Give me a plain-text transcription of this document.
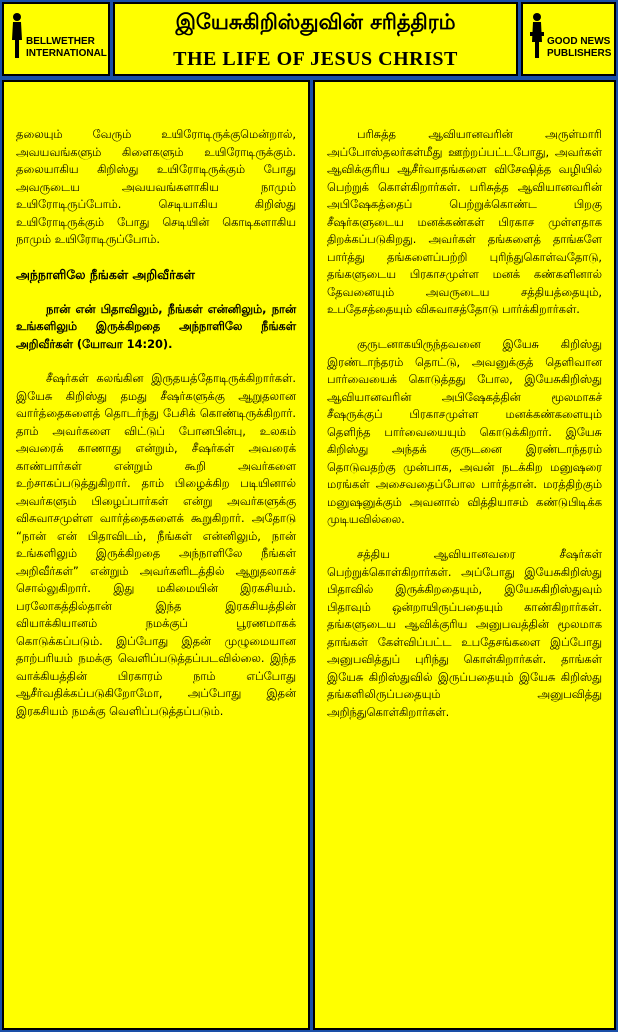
BELLWETHER
INTERNATIONAL
இயேசுகிறிஸ்துவின் சரித்திரம்
THE LIFE OF JESUS CHRIST
GOOD NEWS
PUBLISHERS

தலையும் வேரும் உயிரோடிருக்குமென்றால், அவயவங்களும் கிளைகளும் உயிரோடிருக்கும். தலையாகிய கிறிஸ்து உயிரோடிருக்கும் போது அவருடைய அவயவங்களாகிய நாமும் உயிரோடிருப்போம். செடியாகிய கிறிஸ்து உயிரோடிருக்கும் போது செடியின் கொடிகளாகிய நாமும் உயிரோடிருப்போம்.

அந்நாளிலே நீங்கள் அறிவீர்கள்

நான் என் பிதாவிலும், நீங்கள் என்னிலும், நான் உங்களிலும் இருக்கிறதை அந்நாளிலே நீங்கள் அறிவீர்கள் (யோவா 14:20).

சீஷர்கள் கலங்கின இருதயத்தோடிருக்கிறார்கள். இயேசு கிறிஸ்து தமது சீஷர்களுக்கு ஆறுதலான வார்த்தைகளைத் தொடர்ந்து பேசிக் கொண்டிருக்கிறார். தாம் அவர்களை விட்டுப் போனபின்பு, உலகம் அவரைக் காணாது என்றும், சீஷர்கள் அவரைக் காண்பார்கள் என்றும் கூறி அவர்களை உற்சாகப்படுத்துகிறார். தாம் பிழைக்கிற படியினால் அவர்களும் பிழைப்பார்கள் என்று அவர்களுக்கு விசுவாசமுள்ள வார்த்தைகளைக் கூறுகிறார். அதோடு “நான் என் பிதாவிடம், நீங்கள் என்னிலும், நான் உங்களிலும் இருக்கிறதை அந்நாளிலே நீங்கள் அறிவீர்கள்” என்றும் அவர்களிடத்தில் ஆறுதலாகச் சொல்லுகிறார். இது மகிமையின் இரகசியம். பரலோகத்தில்தான் இந்த இரகசியத்தின் வியாக்கியானம் நமக்குப் பூரணமாகக் கொடுக்கப்படும். இப்போது இதன் முழுமையான தாற்பரியம் நமக்கு வெளிப்படுத்தப்படவில்லை. இந்த வாக்கியத்தின் பிரகாரம் நாம் எப்போது ஆசீர்வதிக்கப்படுகிறோமோ, அப்போது இதன் இரகசியம் நமக்கு வெளிப்படுத்தப்படும்.

பரிசுத்த ஆவியானவரின் அருள்மாரி அப்போஸ்தலர்கள்மீது ஊற்றப்பட்டபோது, அவர்கள் ஆவிக்குரிய ஆசீர்வாதங்களை விசேஷித்த வழியில் பெற்றுக் கொள்கிறார்கள். பரிசுத்த ஆவியானவரின் அபிஷேகத்தைப் பெற்றுக்கொண்ட பிறகு சீஷர்களுடைய மனக்கண்கள் பிரகாச முள்ளதாக திறக்கப்படுகிறது. அவர்கள் தங்களைத் தாங்களே பார்த்து தங்களைப்பற்றி புரிந்துகொள்வதோடு, தங்களுடைய பிரகாசமுள்ள மனக் கண்களினால் தேவனையும் அவருடைய சத்தியத்தையும், உபதேசத்தையும் விசுவாசத்தோடு பார்க்கிறார்கள்.

குருடனாகயிருந்தவனை இயேசு கிறிஸ்து இரண்டாந்தரம் தொட்டு, அவனுக்குத் தெளிவான பார்வையைக் கொடுத்தது போல, இயேசுகிறிஸ்து ஆவியானவரின் அபிஷேகத்தின் மூலமாகச் சீஷருக்குப் பிரகாசமுள்ள மனக்கண்களையும் தெளிந்த பார்வையையும் கொடுக்கிறார். இயேசு கிறிஸ்து அந்தக் குருடனை இரண்டாந்தரம் தொடுவதற்கு முன்பாக, அவன் நடக்கிற மனுஷரை மரங்கள் அசைவதைப்போல பார்த்தான். மரத்திற்கும் மனுஷனுக்கும் அவனால் வித்தியாசம் கண்டுபிடிக்க முடியவில்லை.

சத்திய ஆவியானவரை சீஷர்கள் பெற்றுக்கொள்கிறார்கள். அப்போது இயேசுகிறிஸ்து பிதாவில் இருக்கிறதையும், இயேசுகிறிஸ்துவும் பிதாவும் ஒன்றாயிருப்பதையும் காண்கிறார்கள். தங்களுடைய ஆவிக்குரிய அனுபவத்தின் மூலமாக தாங்கள் கேள்விப்பட்ட உபதேசங்களை இப்போது அனுபவித்துப் புரிந்து கொள்கிறார்கள். தாங்கள் இயேசு கிறிஸ்துவில் இருப்பதையும் இயேசு கிறிஸ்து தங்களிலிருப்பதையும் அனுபவித்து அறிந்துகொள்கிறார்கள்.
